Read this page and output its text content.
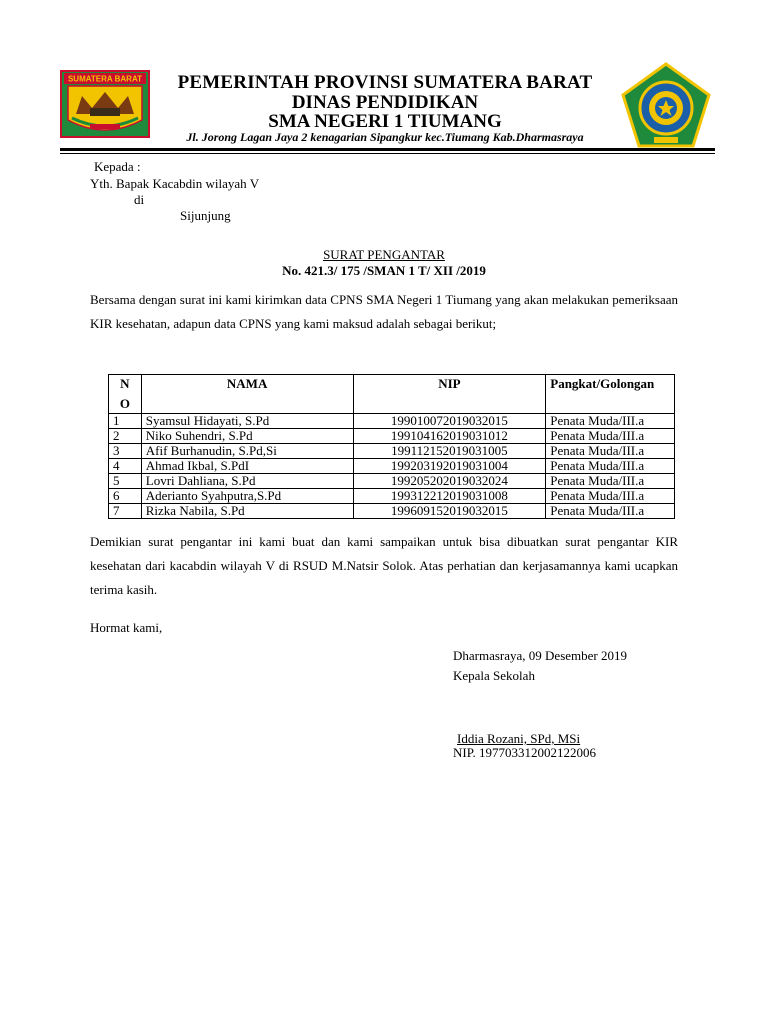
SUMATERA BARAT	PEMERINTAH PROVINSI SUMATERA BARAT
DINAS PENDIDIKAN
SMA NEGERI 1 TIUMANG
Jl. Jorong Lagan Jaya 2 kenagarian Sipangkur kec.Tiumang Kab.Dharmasraya
Kepada :
Yth. Bapak Kacabdin wilayah V
di
Sijunjung
SURAT PENGANTAR
No. 421.3/ 175 /SMAN 1 T/ XII /2019
Bersama dengan surat ini kami kirimkan data CPNS SMA Negeri 1 Tiumang yang akan melakukan pemeriksaan KIR kesehatan, adapun data CPNS yang kami maksud adalah sebagai berikut;
N
O	NAMA	NIP	Pangkat/Golongan
1	Syamsul Hidayati, S.Pd	199010072019032015	Penata Muda/III.a
2	Niko Suhendri, S.Pd	199104162019031012	Penata Muda/III.a
3	Afif Burhanudin, S.Pd,Si	199112152019031005	Penata Muda/III.a
4	Ahmad Ikbal, S.PdI	199203192019031004	Penata Muda/III.a
5	Lovri Dahliana, S.Pd	199205202019032024	Penata Muda/III.a
6	Aderianto Syahputra,S.Pd	199312212019031008	Penata Muda/III.a
7	Rizka Nabila, S.Pd	199609152019032015	Penata Muda/III.a
Demikian surat pengantar ini kami buat dan kami sampaikan untuk bisa dibuatkan surat pengantar KIR kesehatan dari kacabdin wilayah V di RSUD M.Natsir Solok. Atas perhatian dan kerjasamannya kami ucapkan terima kasih.
Hormat kami,
Dharmasraya, 09 Desember 2019
Kepala Sekolah
Iddia Rozani, SPd, MSi
NIP. 197703312002122006
